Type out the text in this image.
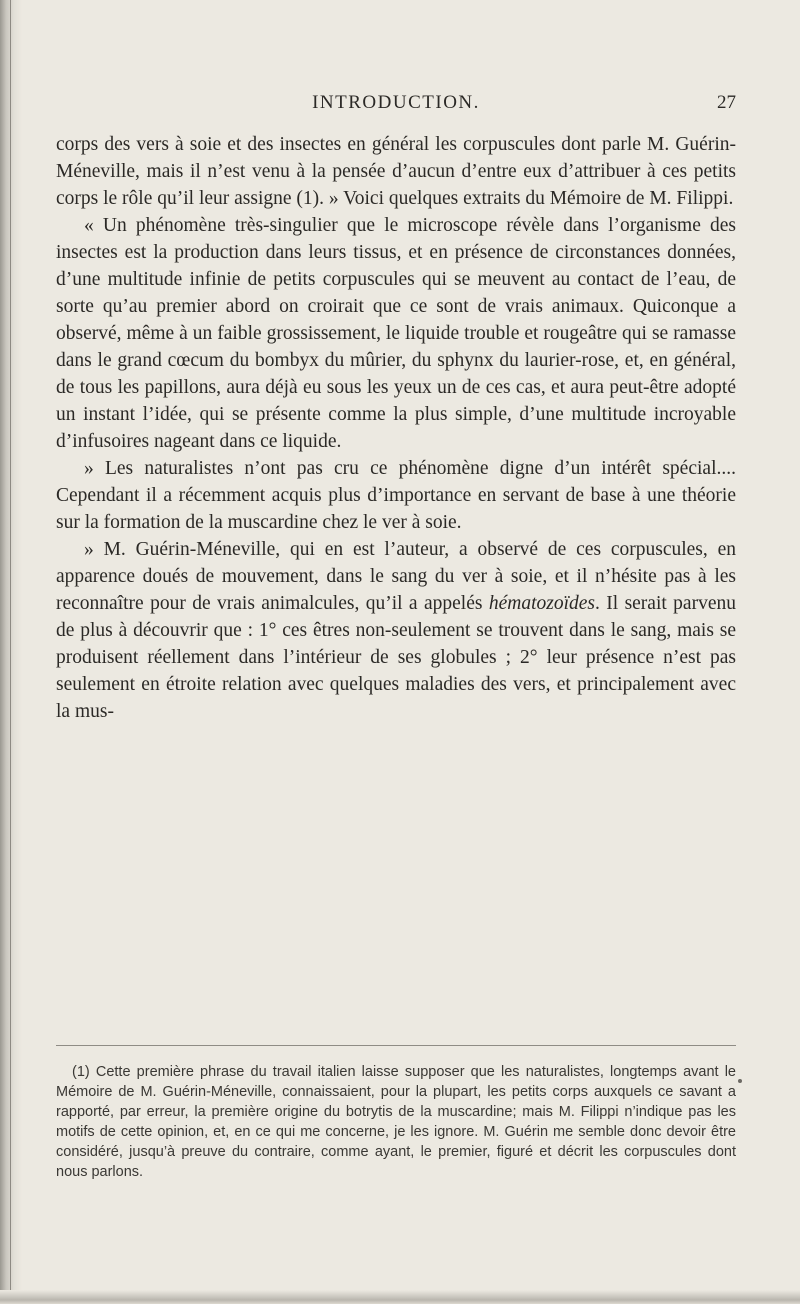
INTRODUCTION.	27

corps des vers à soie et des insectes en général les corpuscules dont parle M. Guérin-Méneville, mais il n’est venu à la pensée d’aucun d’entre eux d’attribuer à ces petits corps le rôle qu’il leur assigne (1). » Voici quelques extraits du Mémoire de M. Filippi.

« Un phénomène très-singulier que le microscope révèle dans l’organisme des insectes est la production dans leurs tissus, et en présence de circonstances données, d’une multitude infinie de petits corpuscules qui se meuvent au contact de l’eau, de sorte qu’au premier abord on croirait que ce sont de vrais animaux. Quiconque a observé, même à un faible grossissement, le liquide trouble et rougeâtre qui se ramasse dans le grand cœcum du bombyx du mûrier, du sphynx du laurier-rose, et, en général, de tous les papillons, aura déjà eu sous les yeux un de ces cas, et aura peut-être adopté un instant l’idée, qui se présente comme la plus simple, d’une multitude incroyable d’infusoires nageant dans ce liquide.

» Les naturalistes n’ont pas cru ce phénomène digne d’un intérêt spécial.... Cependant il a récemment acquis plus d’importance en servant de base à une théorie sur la formation de la muscardine chez le ver à soie.

» M. Guérin-Méneville, qui en est l’auteur, a observé de ces corpuscules, en apparence doués de mouvement, dans le sang du ver à soie, et il n’hésite pas à les reconnaître pour de vrais animalcules, qu’il a appelés hématozoïdes. Il serait parvenu de plus à découvrir que : 1° ces êtres non-seulement se trouvent dans le sang, mais se produisent réellement dans l’intérieur de ses globules ; 2° leur présence n’est pas seulement en étroite relation avec quelques maladies des vers, et principalement avec la mus-

(1) Cette première phrase du travail italien laisse supposer que les naturalistes, longtemps avant le Mémoire de M. Guérin-Méneville, connaissaient, pour la plupart, les petits corps auxquels ce savant a rapporté, par erreur, la première origine du botrytis de la muscardine; mais M. Filippi n’indique pas les motifs de cette opinion, et, en ce qui me concerne, je les ignore. M. Guérin me semble donc devoir être considéré, jusqu’à preuve du contraire, comme ayant, le premier, figuré et décrit les corpuscules dont nous parlons.
